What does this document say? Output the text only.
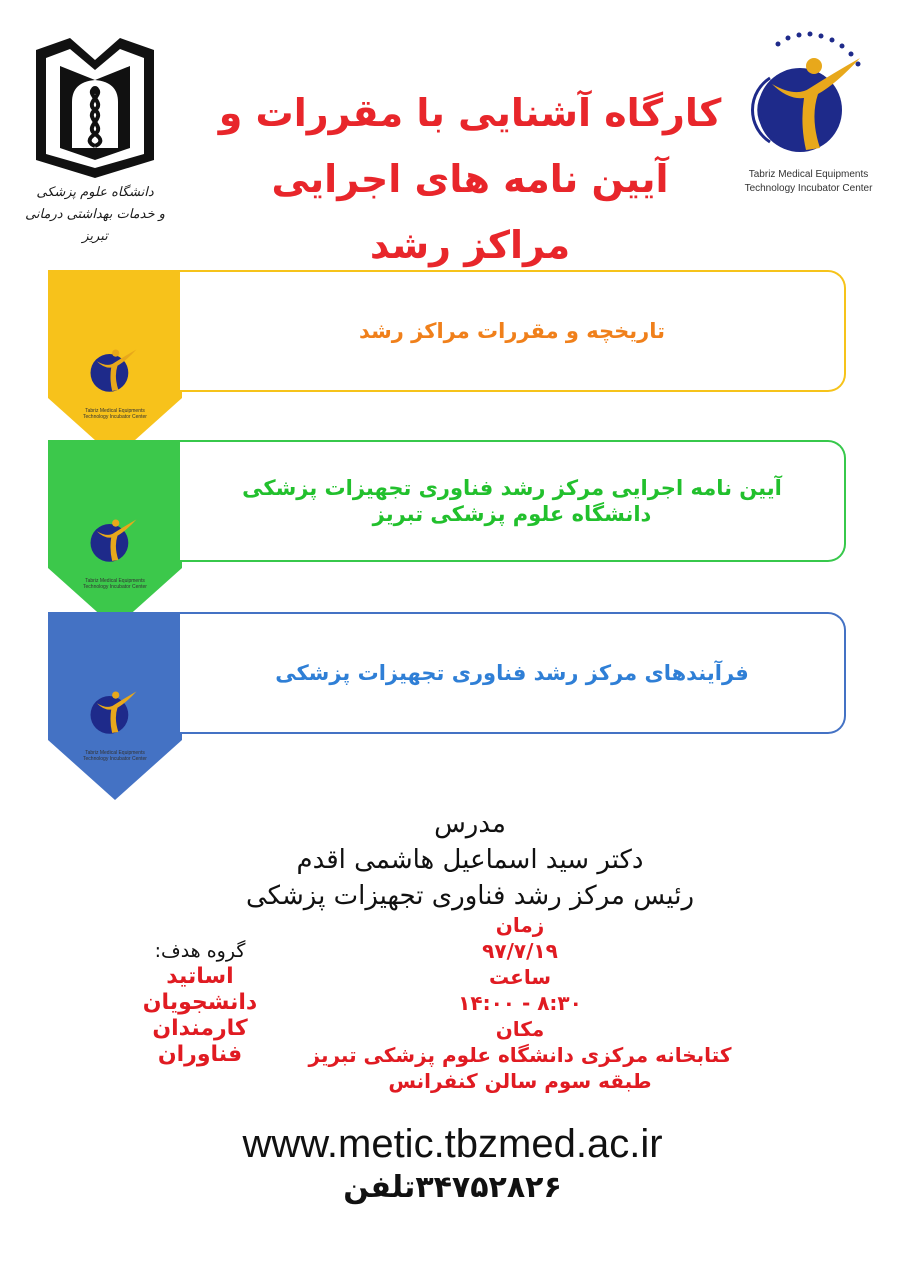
دانشگاه علوم پزشکی
و خدمات بهداشتی درمانی تبریز
Tabriz Medical Equipments
Technology Incubator Center
کارگاه آشنایی با مقررات و
آیین نامه های اجرایی
مراکز رشد
Tabriz Medical Equipments
Technology Incubator Center
Tabriz Medical Equipments
Technology Incubator Center
Tabriz Medical Equipments
Technology Incubator Center
تاریخچه و مقررات مراکز رشد
آیین نامه اجرایی مرکز رشد فناوری تجهیزات پزشکی
دانشگاه علوم پزشکی تبریز
فرآیندهای مرکز رشد فناوری تجهیزات پزشکی
مدرس
دکتر سید اسماعیل هاشمی اقدم
رئیس مرکز رشد فناوری تجهیزات پزشکی
زمان
۹۷/۷/۱۹
ساعت
۸:۳۰ - ۱۴:۰۰
مکان
کتابخانه مرکزی دانشگاه علوم پزشکی تبریز
طبقه سوم سالن کنفرانس
گروه هدف:
اساتید
دانشجویان
کارمندان
فناوران
www.metic.tbzmed.ac.ir
۳۴۷۵۲۸۲۶تلفن
